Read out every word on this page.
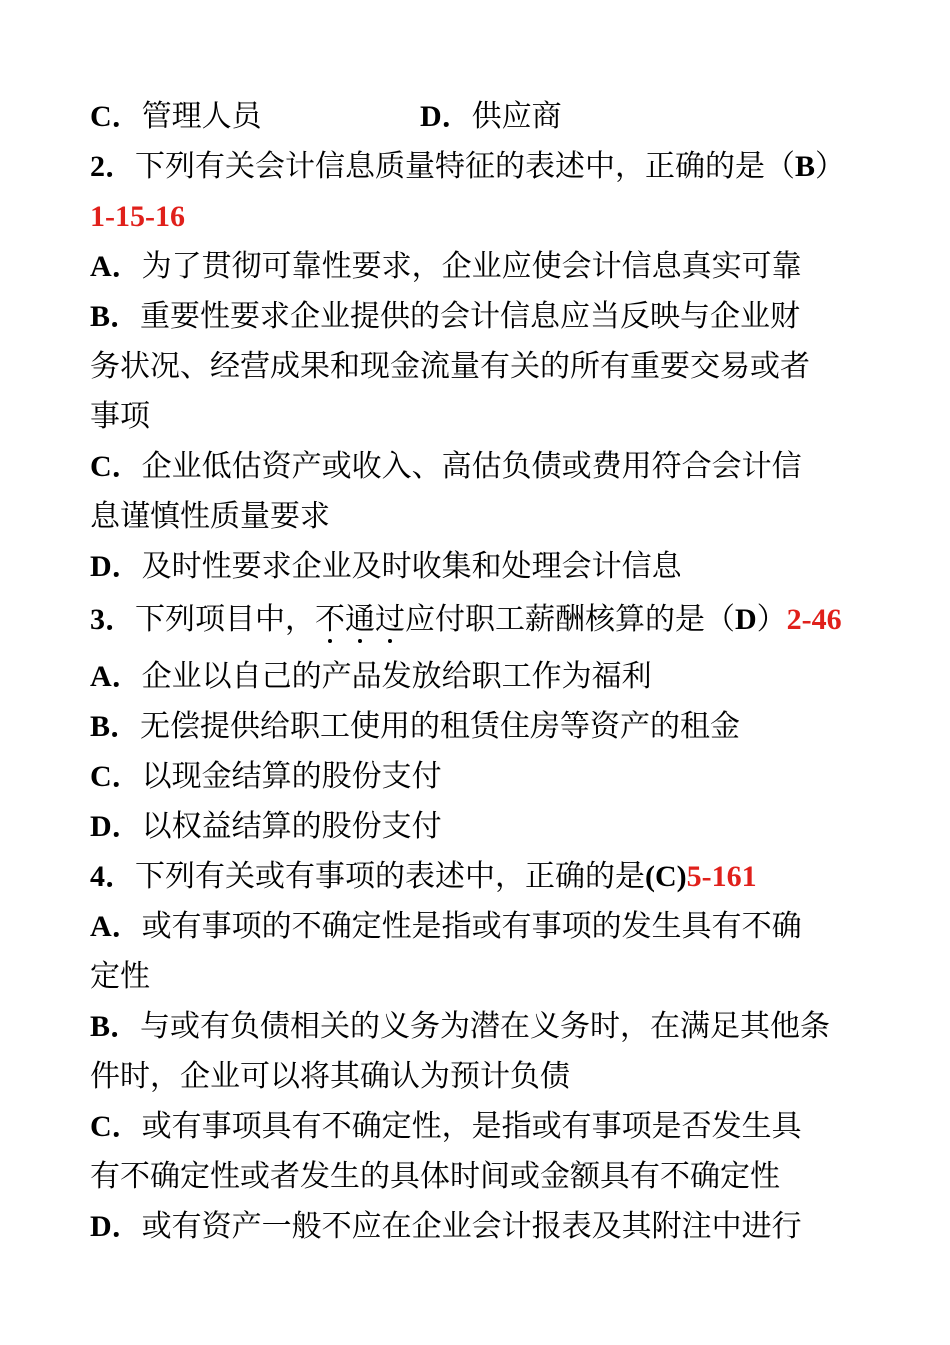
C．管理人员	D．供应商
2．下列有关会计信息质量特征的表述中，正确的是（B）
1-15-16
A．为了贯彻可靠性要求，企业应使会计信息真实可靠
B．重要性要求企业提供的会计信息应当反映与企业财
务状况、经营成果和现金流量有关的所有重要交易或者
事项
C．企业低估资产或收入、高估负债或费用符合会计信
息谨慎性质量要求
D．及时性要求企业及时收集和处理会计信息
3．下列项目中，不通过应付职工薪酬核算的是（D）2-46
A．企业以自己的产品发放给职工作为福利
B．无偿提供给职工使用的租赁住房等资产的租金
C．以现金结算的股份支付
D．以权益结算的股份支付
4．下列有关或有事项的表述中，正确的是(C)5-161
A．或有事项的不确定性是指或有事项的发生具有不确
定性
B．与或有负债相关的义务为潜在义务时，在满足其他条
件时，企业可以将其确认为预计负债
C．或有事项具有不确定性，是指或有事项是否发生具
有不确定性或者发生的具体时间或金额具有不确定性
D．或有资产一般不应在企业会计报表及其附注中进行
